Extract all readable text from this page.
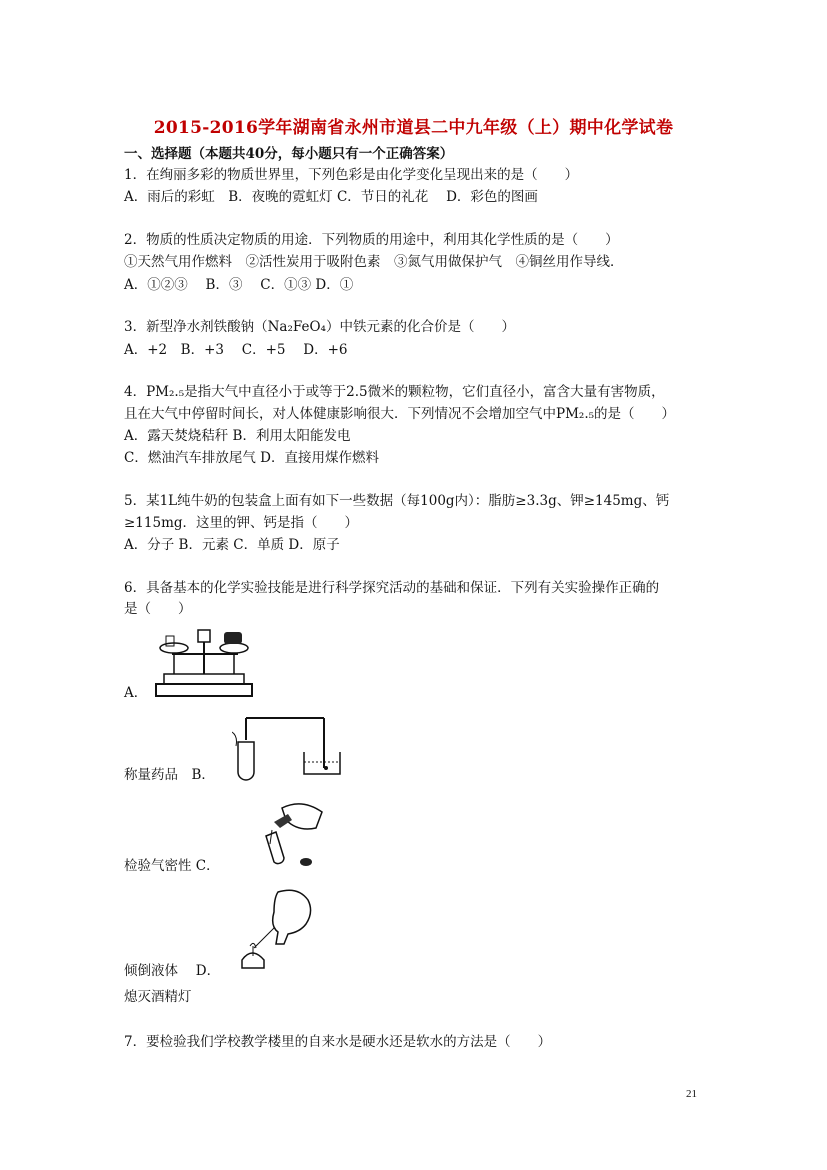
2015-2016学年湖南省永州市道县二中九年级（上）期中化学试卷
一、选择题（本题共40分，每小题只有一个正确答案）
1．在绚丽多彩的物质世界里，下列色彩是由化学变化呈现出来的是（　　）
A．雨后的彩虹　B．夜晚的霓虹灯 C．节日的礼花　 D．彩色的图画
2．物质的性质决定物质的用途．下列物质的用途中，利用其化学性质的是（　　）
①天然气用作燃料　②活性炭用于吸附色素　③氮气用做保护气　④铜丝用作导线．
A．①②③　 B．③　 C．①③ D．①
3．新型净水剂铁酸钠（Na₂FeO₄）中铁元素的化合价是（　　）
A．+2　B．+3　 C．+5　 D．+6
4．PM₂.₅是指大气中直径小于或等于2.5微米的颗粒物，它们直径小，富含大量有害物质，
且在大气中停留时间长，对人体健康影响很大．下列情况不会增加空气中PM₂.₅的是（　　）
A．露天焚烧秸秆 B．利用太阳能发电
C．燃油汽车排放尾气 D．直接用煤作燃料
5．某1L纯牛奶的包装盒上面有如下一些数据（每100g内）：脂肪≥3.3g、钾≥145mg、钙
≥115mg．这里的钾、钙是指（　　）
A．分子 B．元素 C．单质 D．原子
6．具备基本的化学实验技能是进行科学探究活动的基础和保证．下列有关实验操作正确的
是（　　）
A．
称量药品　B．
检验气密性 C．
倾倒液体　 D．
熄灭酒精灯
7．要检验我们学校教学楼里的自来水是硬水还是软水的方法是（　　）
21
